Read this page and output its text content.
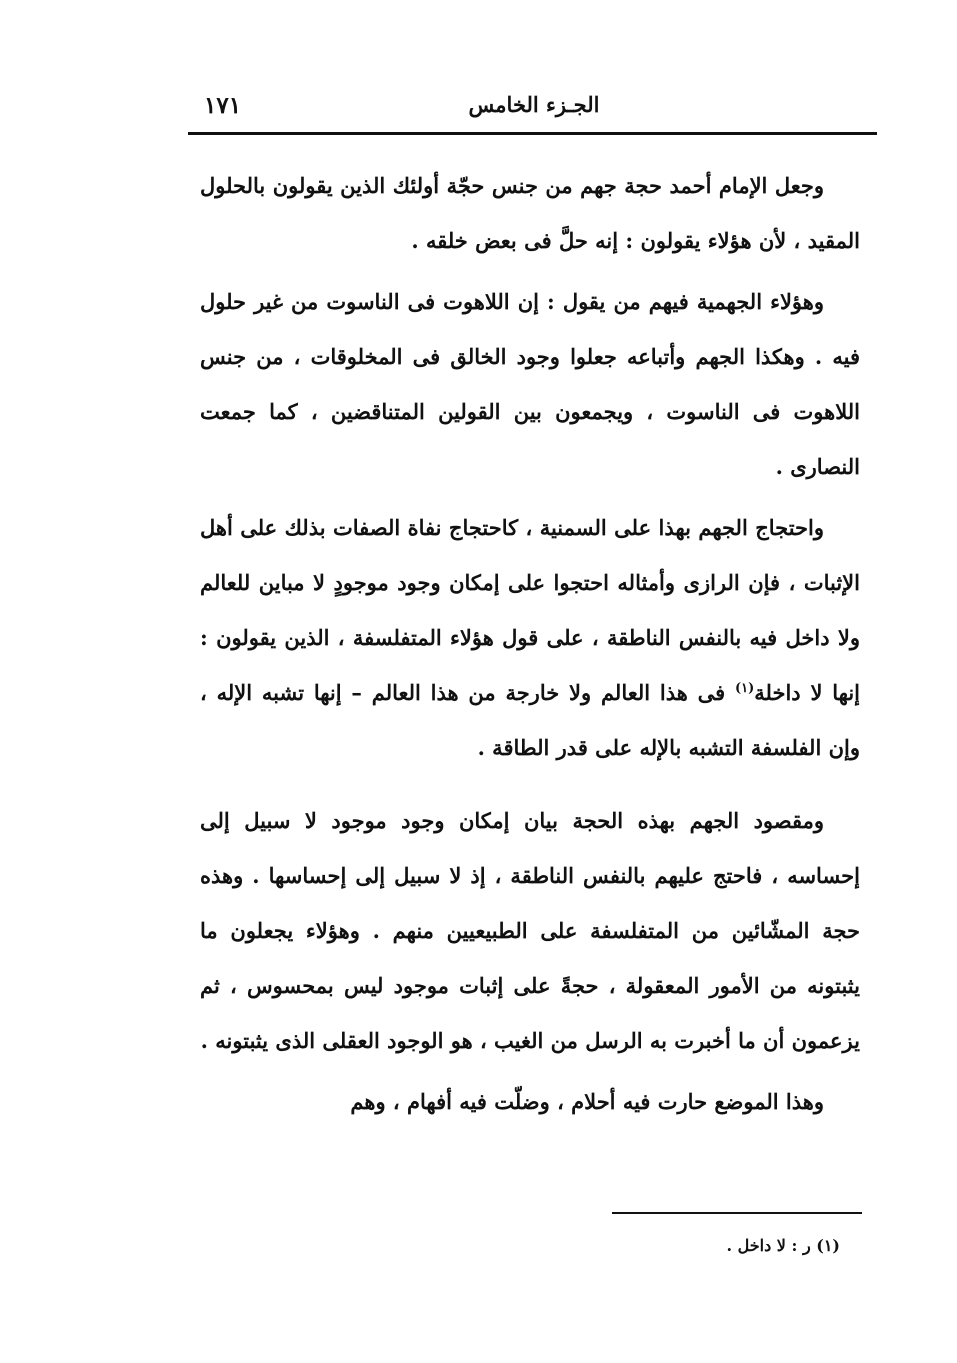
١٧١	الجـزء الخامس

وجعل الإمام أحمد حجة جهم من جنس حجّة أولئك الذين يقولون بالحلول المقيد ، لأن هؤلاء يقولون : إنه حلَّ فى بعض خلقه .

وهؤلاء الجهمية فيهم من يقول : إن اللاهوت فى الناسوت من غير حلول فيه . وهكذا الجهم وأتباعه جعلوا وجود الخالق فى المخلوقات ، من جنس اللاهوت فى الناسوت ، ويجمعون بين القولين المتناقضين ، كما جمعت النصارى .

واحتجاج الجهم بهذا على السمنية ، كاحتجاج نفاة الصفات بذلك على أهل الإثبات ، فإن الرازى وأمثاله احتجوا على إمكان وجود موجودٍ لا مباين للعالم ولا داخل فيه بالنفس الناطقة ، على قول هؤلاء المتفلسفة ، الذين يقولون : إنها لا داخلة$^{(١)}$ فى هذا العالم ولا خارجة من هذا العالم – إنها تشبه الإله ، وإن الفلسفة التشبه بالإله على قدر الطاقة .

ومقصود الجهم بهذه الحجة بيان إمكان وجود موجود لا سبيل إلى إحساسه ، فاحتج عليهم بالنفس الناطقة ، إذ لا سبيل إلى إحساسها . وهذه حجة المشّائين من المتفلسفة على الطبيعيين منهم . وهؤلاء يجعلون ما يثبتونه من الأمور المعقولة ، حجةً على إثبات موجود ليس بمحسوس ، ثم يزعمون أن ما أخبرت به الرسل من الغيب ، هو الوجود العقلى الذى يثبتونه .

وهذا الموضع حارت فيه أحلام ، وضلّت فيه أفهام ، وهم

(١) ر : لا داخل .
